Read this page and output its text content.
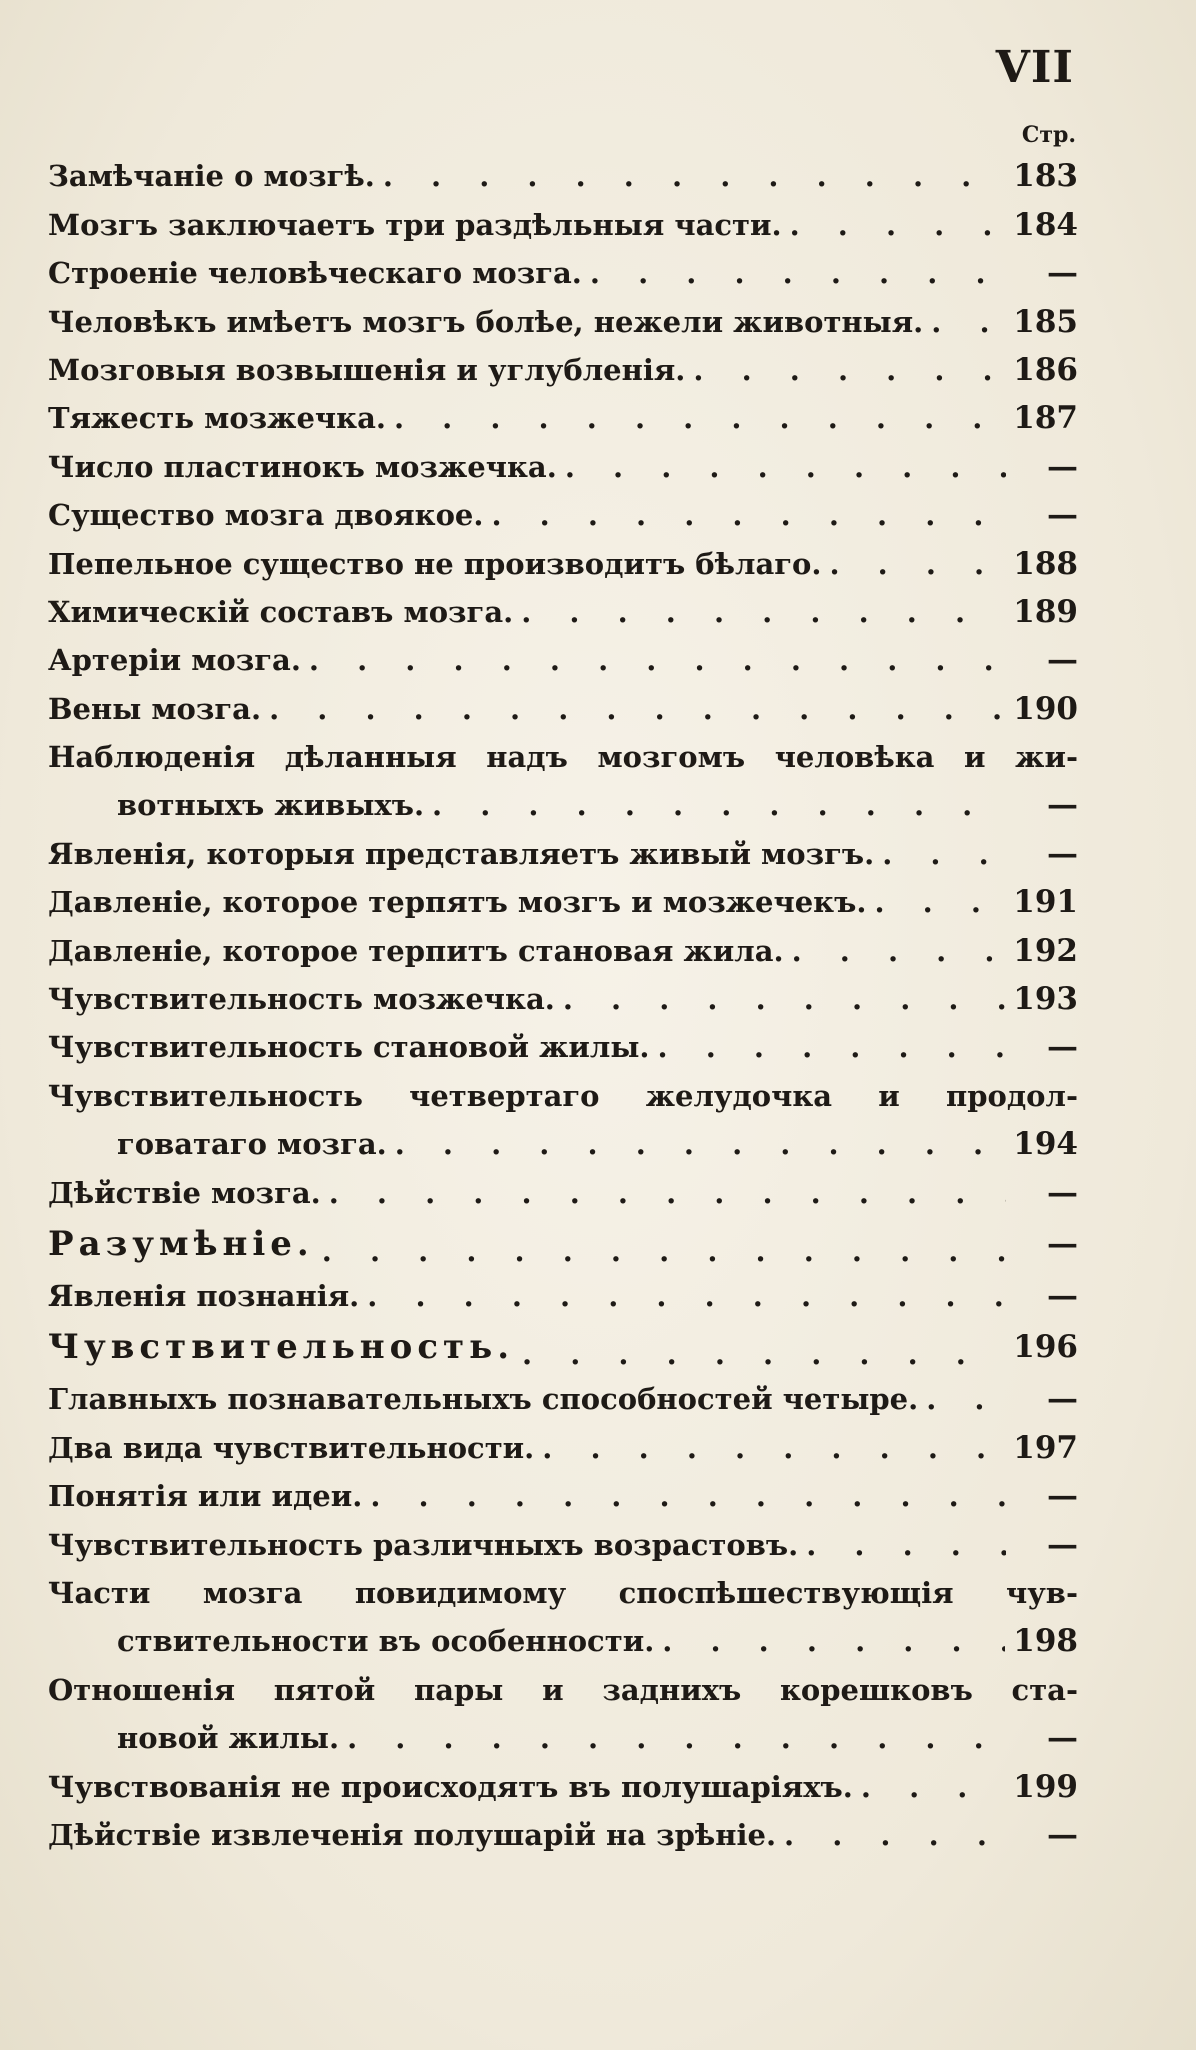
VII
Стр.
Замѣчаніе о мозгѣ. . . .	183
Мозгъ заключаетъ три раздѣльныя части. . . .	184
Строеніе человѣческаго мозга. . . .	—
Человѣкъ имѣетъ мозгъ болѣе, нежели животныя. . . .	185
Мозговыя возвышенія и углубленія. . . .	186
Тяжесть мозжечка. . . .	187
Число пластинокъ мозжечка. . . .	—
Существо мозга двоякое. . . .	—
Пепельное существо не производитъ бѣлаго. . . .	188
Химическій составъ мозга. . . .	189
Артеріи мозга. . . .	—
Вены мозга. . . .	190
Наблюденія дѣланныя надъ мозгомъ человѣка и жи-
вотныхъ живыхъ. . . .	—
Явленія, которыя представляетъ живый мозгъ. . . .	—
Давленіе, которое терпятъ мозгъ и мозжечекъ. . . .	191
Давленіе, которое терпитъ становая жила. . . .	192
Чувствительность мозжечка. . . .	193
Чувствительность становой жилы. . . .	—
Чувствительность четвертаго желудочка и продол-
говатаго мозга. . . .	194
Дѣйствіе мозга. . . .	—
Разумѣніе. . . .	—
Явленія познанія. . . .	—
Чувствительность. . . .	196
Главныхъ познавательныхъ способностей четыре. . . .	—
Два вида чувствительности. . . .	197
Понятія или идеи. . . .	—
Чувствительность различныхъ возрастовъ. . . .	—
Части мозга повидимому споспѣшествующія чув-
ствительности въ особенности. . . .	198
Отношенія пятой пары и заднихъ корешковъ ста-
новой жилы. . . .	—
Чувствованія не происходятъ въ полушаріяхъ. . . .	199
Дѣйствіе извлеченія полушарій на зрѣніе. . . .	—
